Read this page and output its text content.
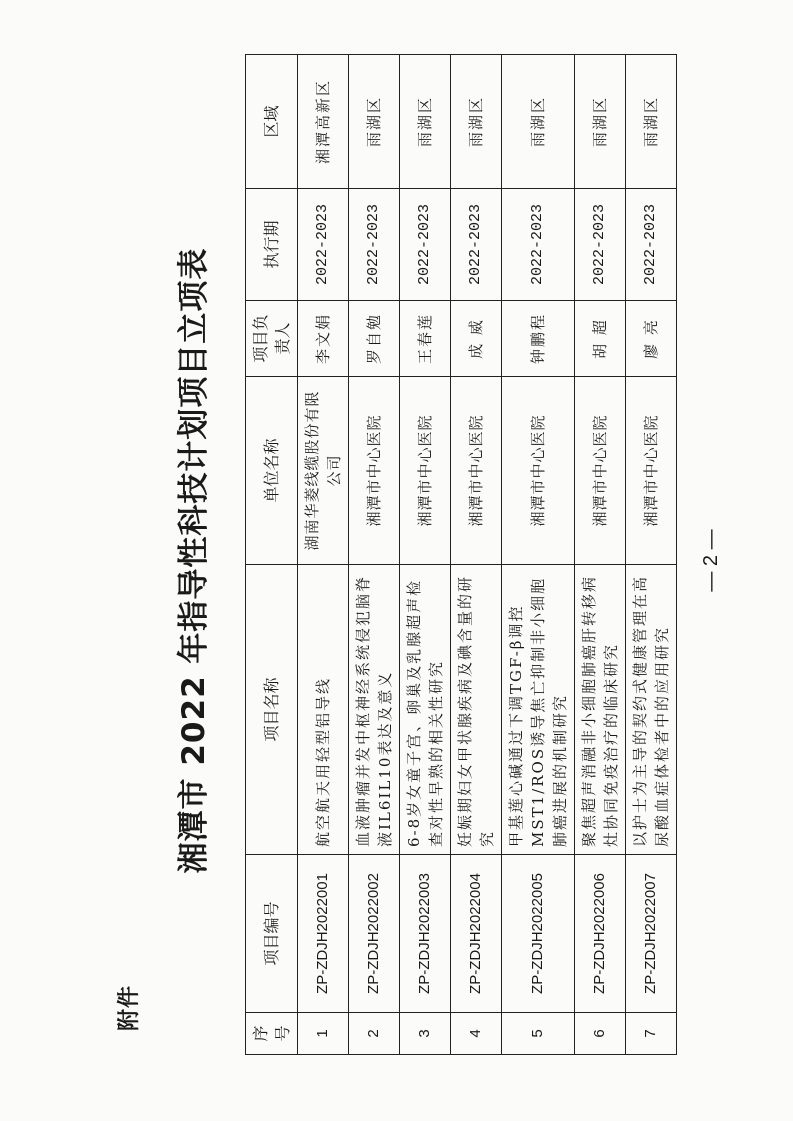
附件
湘潭市 2022 年指导性科技计划项目立项表
序号	项目编号	项目名称	单位名称	项目负责人	执行期	区域
1	ZP-ZDJH2022001	航空航天用轻型铝导线	湖南华菱线缆股份有限公司	李文娟	2022-2023	湘潭高新区
2	ZP-ZDJH2022002	血液肿瘤并发中枢神经系统侵犯脑脊液IL6IL10表达及意义	湘潭市中心医院	罗自勉	2022-2023	雨湖区
3	ZP-ZDJH2022003	6-8岁女童子宫、卵巢及乳腺超声检查对性早熟的相关性研究	湘潭市中心医院	王春莲	2022-2023	雨湖区
4	ZP-ZDJH2022004	妊娠期妇女甲状腺疾病及碘含量的研究	湘潭市中心医院	成 威	2022-2023	雨湖区
5	ZP-ZDJH2022005	甲基莲心碱通过下调TGF-β调控MST1/ROS诱导焦亡抑制非小细胞肺癌进展的机制研究	湘潭市中心医院	钟鹏程	2022-2023	雨湖区
6	ZP-ZDJH2022006	聚焦超声消融非小细胞肺癌肝转移病灶协同免疫治疗的临床研究	湘潭市中心医院	胡 超	2022-2023	雨湖区
7	ZP-ZDJH2022007	以护士为主导的契约式健康管理在高尿酸血症体检者中的应用研究	湘潭市中心医院	廖 亮	2022-2023	雨湖区
— 2 —
